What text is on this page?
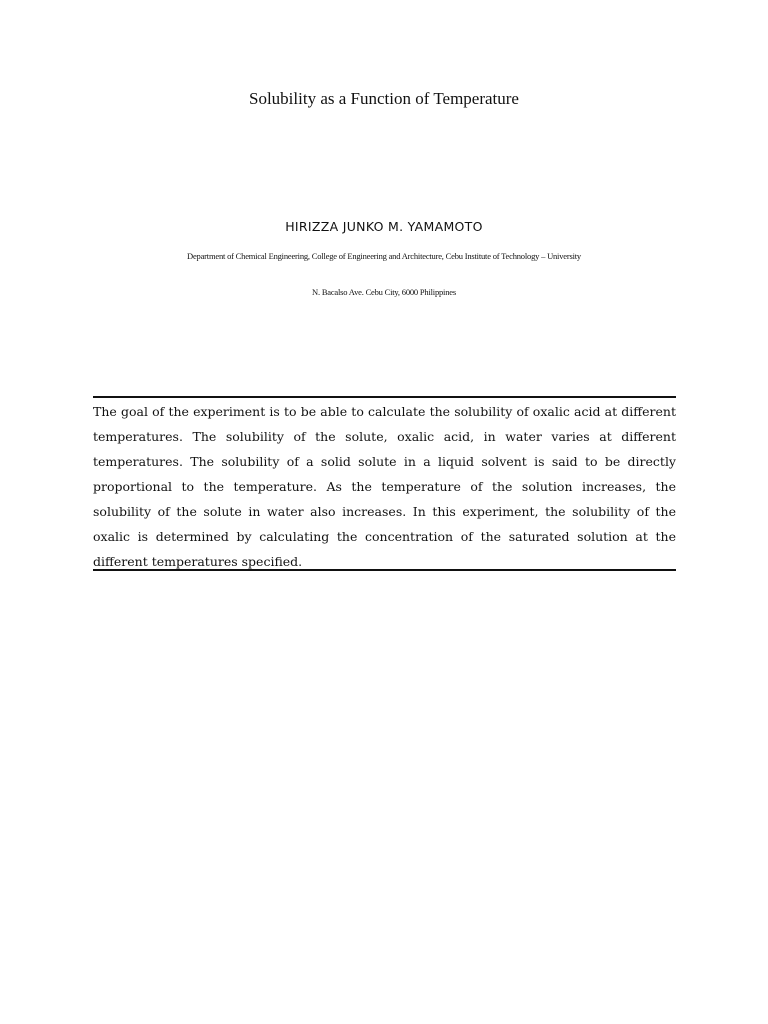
Solubility as a Function of Temperature
HIRIZZA JUNKO M. YAMAMOTO
Department of Chemical Engineering, College of Engineering and Architecture, Cebu Institute of Technology – University
N. Bacalso Ave. Cebu City, 6000 Philippines

The goal of the experiment is to be able to calculate the solubility of oxalic acid at different temperatures. The solubility of the solute, oxalic acid, in water varies at different temperatures. The solubility of a solid solute in a liquid solvent is said to be directly proportional to the temperature. As the temperature of the solution increases, the solubility of the solute in water also increases. In this experiment, the solubility of the oxalic is determined by calculating the concentration of the saturated solution at the different temperatures specified.
